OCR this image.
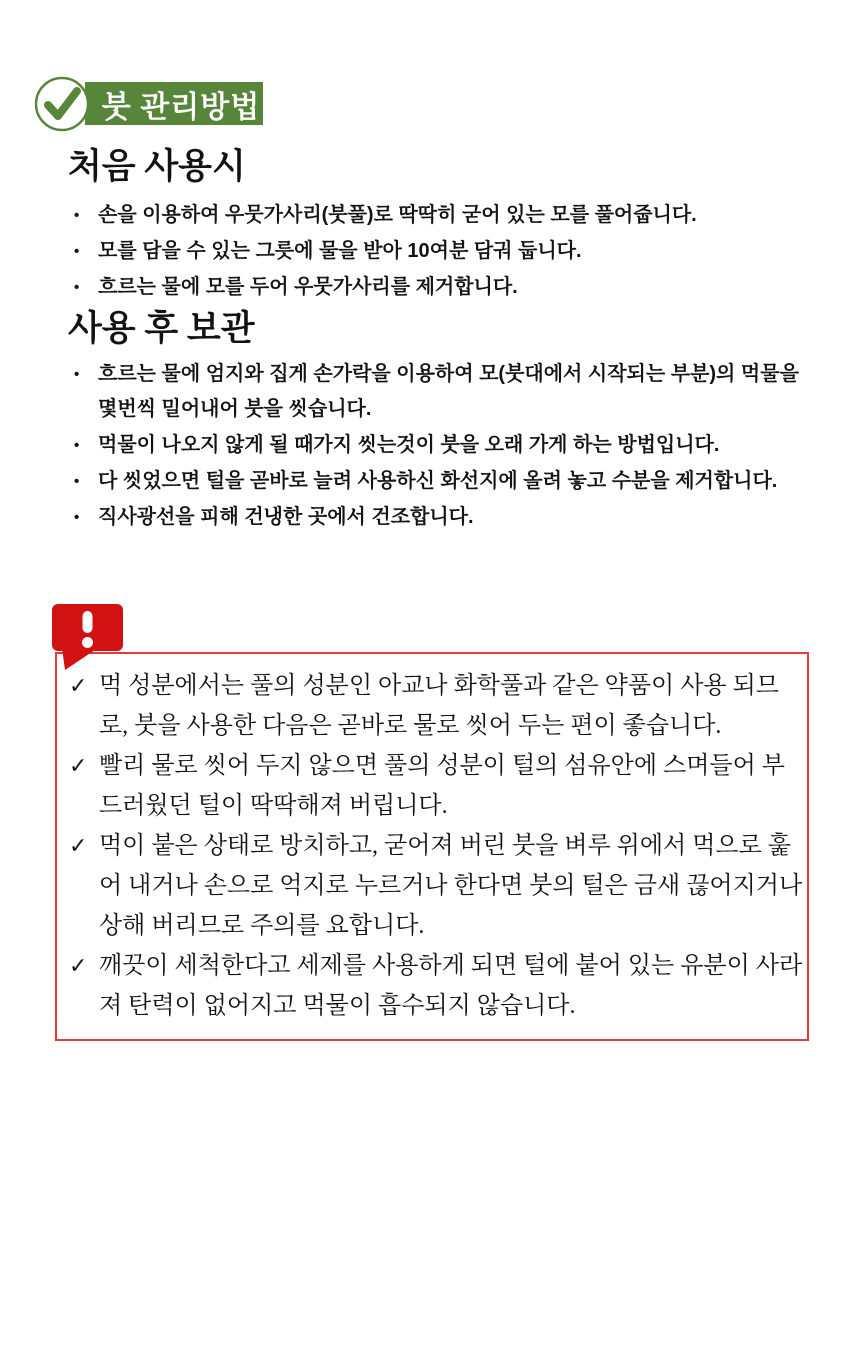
붓 관리방법
처음 사용시
• 손을 이용하여 우뭇가사리(붓풀)로 딱딱히 굳어 있는 모를 풀어줍니다.
• 모를 담을 수 있는 그릇에 물을 받아 10여분 담궈 둡니다.
• 흐르는 물에 모를 두어 우뭇가사리를 제거합니다.
사용 후 보관
• 흐르는 물에 엄지와 집게 손가락을 이용하여 모(붓대에서 시작되는 부분)의 먹물을 몇번씩 밀어내어 붓을 씻습니다.
• 먹물이 나오지 않게 될 때가지 씻는것이 붓을 오래 가게 하는 방법입니다.
• 다 씻었으면 털을 곧바로 늘려 사용하신 화선지에 올려 놓고 수분을 제거합니다.
• 직사광선을 피해 건냉한 곳에서 건조합니다.
✓ 먹 성분에서는 풀의 성분인 아교나 화학풀과 같은 약품이 사용 되므로, 붓을 사용한 다음은 곧바로 물로 씻어 두는 편이 좋습니다.
✓ 빨리 물로 씻어 두지 않으면 풀의 성분이 털의 섬유안에 스며들어 부드러웠던 털이 딱딱해져 버립니다.
✓ 먹이 붙은 상태로 방치하고, 굳어져 버린 붓을 벼루 위에서 먹으로 훑어 내거나 손으로 억지로 누르거나 한다면 붓의 털은 금새 끊어지거나 상해 버리므로 주의를 요합니다.
✓ 깨끗이 세척한다고 세제를 사용하게 되면 털에 붙어 있는 유분이 사라져 탄력이 없어지고 먹물이 흡수되지 않습니다.
